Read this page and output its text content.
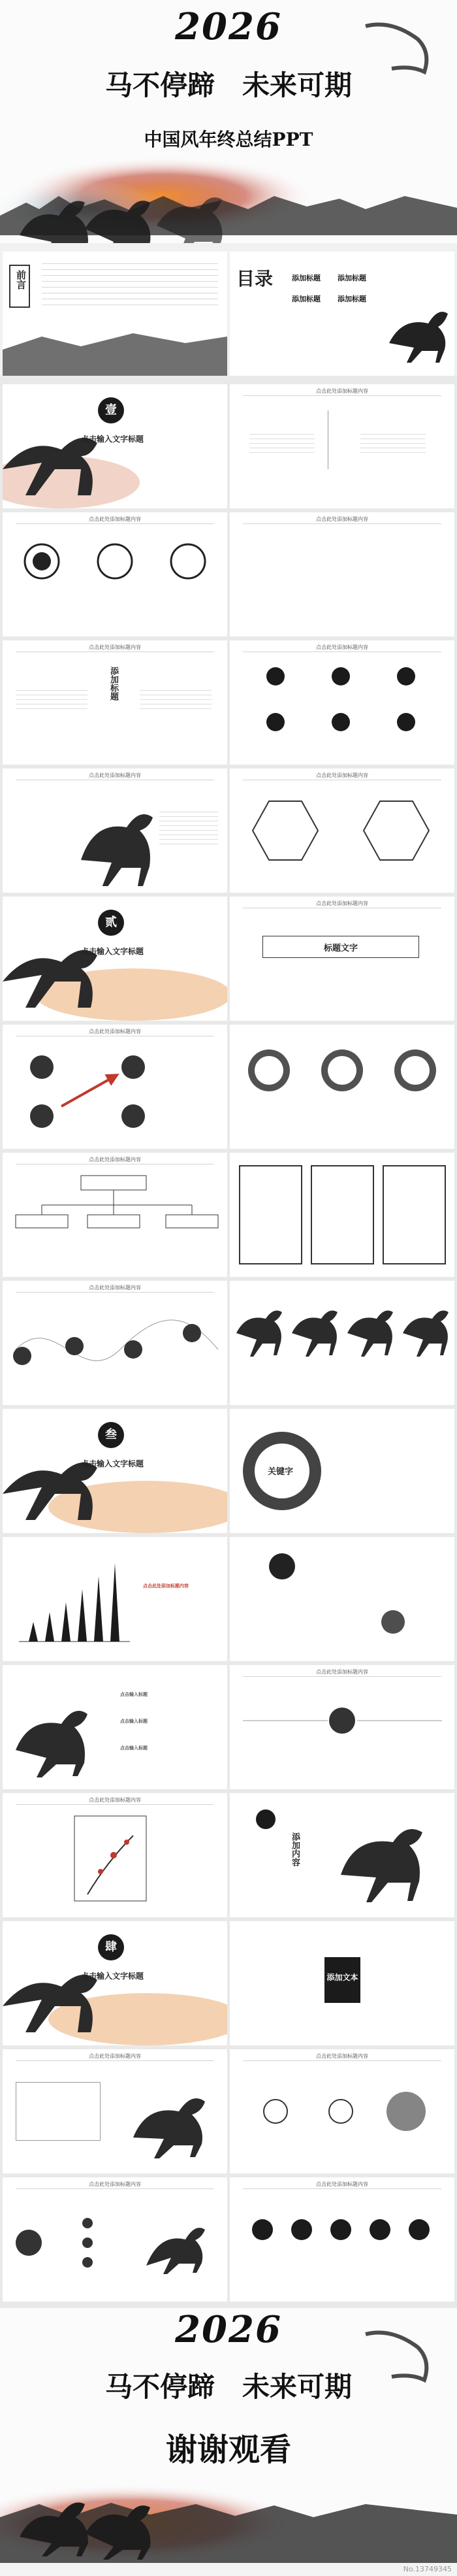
2026
马不停蹄　未来可期
中国风年终总结PPT
前言	目录	添加标题 添加标题
添加标题 添加标题
壹
点击输入文字标题
点击此处添加标题内容
点击此处添加标题内容	点击此处添加标题内容
点击此处添加标题内容
添加标题
点击此处添加标题内容
点击此处添加标题内容	点击此处添加标题内容
贰
点击输入文字标题
点击此处添加标题内容
标题文字
点击此处添加标题内容
点击此处添加标题内容
点击此处添加标题内容
叁
点击输入文字标题
关键字
点击此处添加标题内容
点击输入标题
点击输入标题
点击输入标题
点击此处添加标题内容
点击此处添加标题内容
添加内容
肆
点击输入文字标题	添加文本
点击此处添加标题内容	点击此处添加标题内容
点击此处添加标题内容	点击此处添加标题内容
2026
马不停蹄　未来可期
谢谢观看
No.13749345
